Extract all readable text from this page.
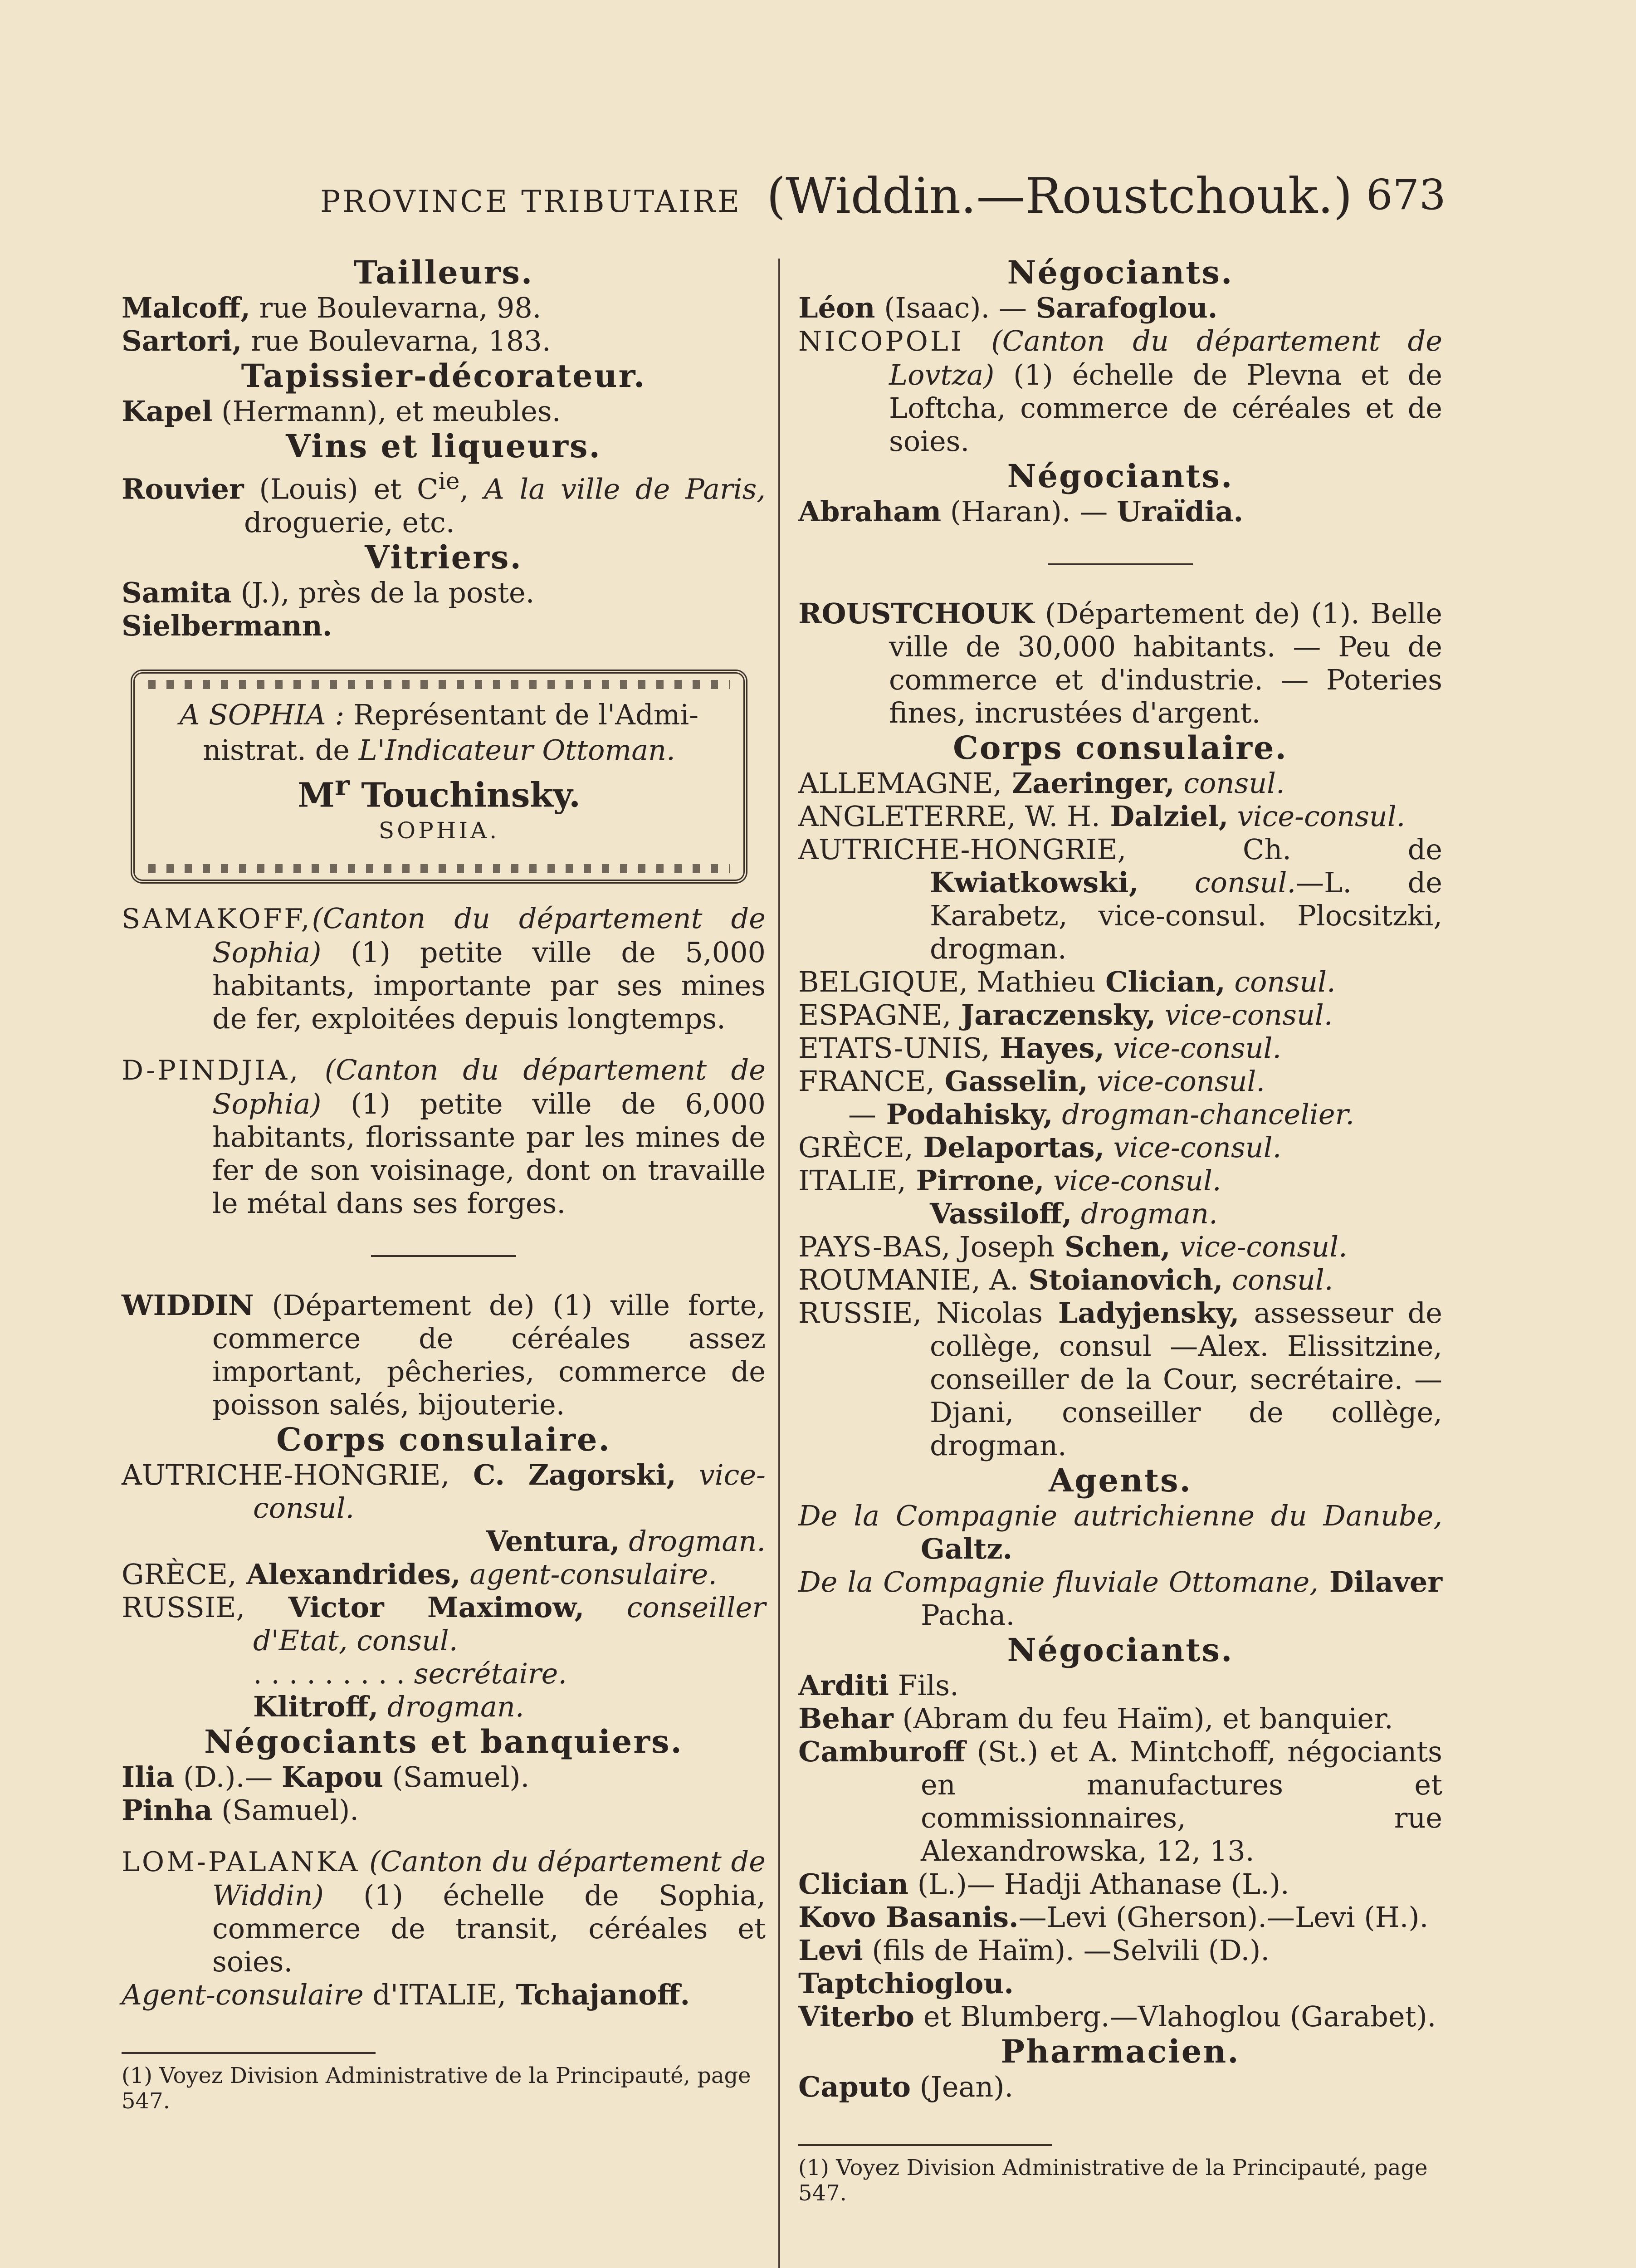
PROVINCE TRIBUTAIRE (Widdin.—Roustchouk.) 673

Tailleurs.

Malcoff, rue Boulevarna, 98.

Sartori, rue Boulevarna, 183.

Tapissier-décorateur.

Kapel (Hermann), et meubles.

Vins et liqueurs.

Rouvier (Louis) et $C^{ie}$, A la ville de Paris, droguerie, etc.

Vitriers.

Samita (J.), près de la poste.

Sielbermann.

A SOPHIA : Représentant de l'Admi-nistrat. de L'Indicateur Ottoman.

$M^r$ Touchinsky.

SOPHIA.

SAMAKOFF,(Canton du département de Sophia) (1) petite ville de 5,000 habitants, importante par ses mines de fer, exploitées depuis longtemps.

D-PINDJIA, (Canton du département de Sophia) (1) petite ville de 6,000 habitants, florissante par les mines de fer de son voisinage, dont on travaille le métal dans ses forges.

WIDDIN (Département de) (1) ville forte, commerce de céréales assez important, pêcheries, commerce de poisson salés, bijouterie.

Corps consulaire.

AUTRICHE-HONGRIE, C. Zagorski, vice-consul.

Ventura, drogman.

GRÈCE, Alexandrides, agent-consulaire.

RUSSIE, Victor Maximow, conseiller d'Etat, consul.

. . . . . . . . . secrétaire.

Klitroff, drogman.

Négociants et banquiers.

Ilia (D.).— Kapou (Samuel).

Pinha (Samuel).

LOM-PALANKA (Canton du département de Widdin) (1) échelle de Sophia, commerce de transit, céréales et soies.

Agent-consulaire d'ITALIE, Tchajanoff.

(1) Voyez Division Administrative de la Principauté, page 547.

Négociants.

Léon (Isaac). — Sarafoglou.

NICOPOLI (Canton du département de Lovtza) (1) échelle de Plevna et de Loftcha, commerce de céréales et de soies.

Négociants.

Abraham (Haran). — Uraïdia.

ROUSTCHOUK (Département de) (1). Belle ville de 30,000 habitants. — Peu de commerce et d'industrie. — Poteries fines, incrustées d'argent.

Corps consulaire.

ALLEMAGNE, Zaeringer, consul.

ANGLETERRE, W. H. Dalziel, vice-consul.

AUTRICHE-HONGRIE, Ch. de Kwiatkowski, consul.—L. de Karabetz, vice-consul. Plocsitzki, drogman.

BELGIQUE, Mathieu Clician, consul.

ESPAGNE, Jaraczensky, vice-consul.

ETATS-UNIS, Hayes, vice-consul.

FRANCE, Gasselin, vice-consul.

— Podahisky, drogman-chancelier.

GRÈCE, Delaportas, vice-consul.

ITALIE, Pirrone, vice-consul.

Vassiloff, drogman.

PAYS-BAS, Joseph Schen, vice-consul.

ROUMANIE, A. Stoianovich, consul.

RUSSIE, Nicolas Ladyjensky, assesseur de collège, consul —Alex. Elissitzine, conseiller de la Cour, secrétaire. — Djani, conseiller de collège, drogman.

Agents.

De la Compagnie autrichienne du Danube, Galtz.

De la Compagnie fluviale Ottomane, Dilaver Pacha.

Négociants.

Arditi Fils.

Behar (Abram du feu Haïm), et banquier.

Camburoff (St.) et A. Mintchoff, négociants en manufactures et commissionnaires, rue Alexandrowska, 12, 13.

Clician (L.)— Hadji Athanase (L.).

Kovo Basanis.—Levi (Gherson).—Levi (H.).

Levi (fils de Haïm). —Selvili (D.).

Taptchioglou.

Viterbo et Blumberg.—Vlahoglou (Garabet).

Pharmacien.

Caputo (Jean).

(1) Voyez Division Administrative de la Principauté, page 547.
